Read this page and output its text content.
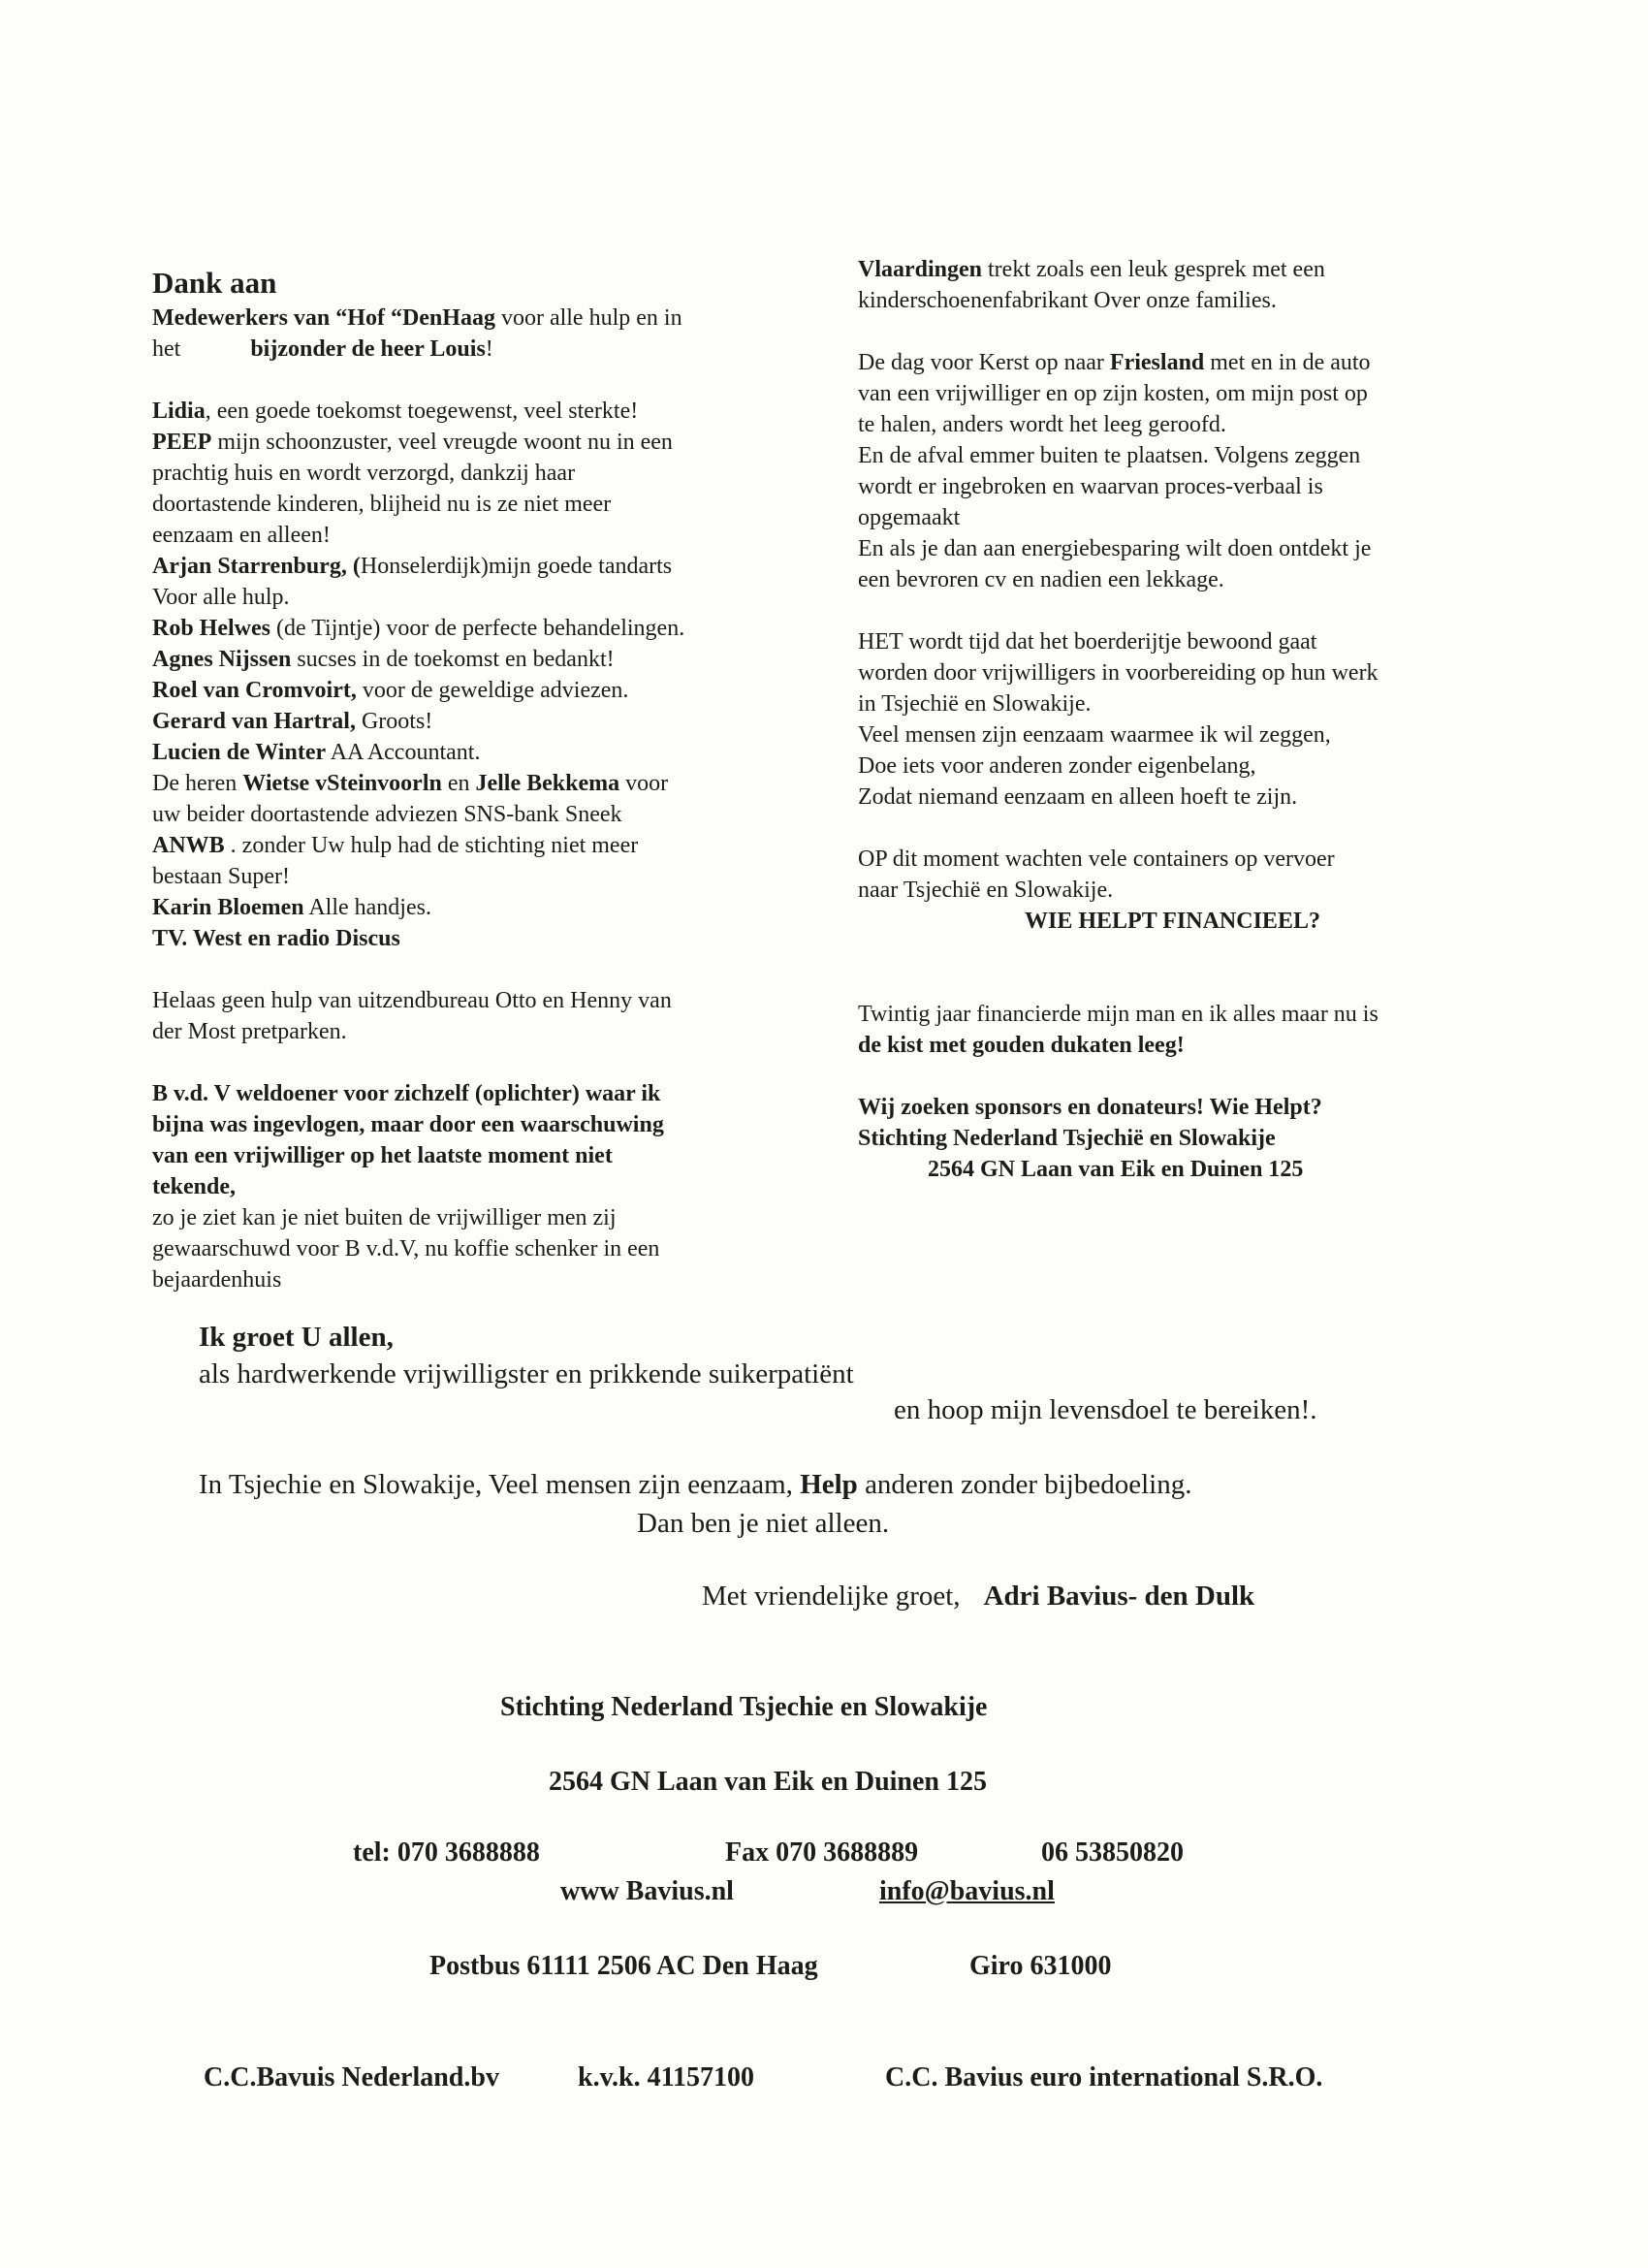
Dank aan
Medewerkers van “Hof “DenHaag voor alle hulp en in
het	bijzonder de heer Louis!
Lidia, een goede toekomst toegewenst, veel sterkte!
PEEP mijn schoonzuster, veel vreugde woont nu in een
prachtig huis en wordt verzorgd, dankzij haar
doortastende kinderen, blijheid nu is ze niet meer
eenzaam en alleen!
Arjan Starrenburg, (Honselerdijk)mijn goede tandarts
Voor alle hulp.
Rob Helwes (de Tijntje) voor de perfecte behandelingen.
Agnes Nijssen sucses in de toekomst en bedankt!
Roel van Cromvoirt, voor de geweldige adviezen.
Gerard van Hartral, Groots!
Lucien de Winter AA Accountant.
De heren Wietse vSteinvoorln en Jelle Bekkema voor
uw beider doortastende adviezen SNS-bank Sneek
ANWB . zonder Uw hulp had de stichting niet meer
bestaan Super!
Karin Bloemen Alle handjes.
TV. West en radio Discus
Helaas geen hulp van uitzendbureau Otto en Henny van
der Most pretparken.
B v.d. V weldoener voor zichzelf (oplichter) waar ik
bijna was ingevlogen, maar door een waarschuwing
van een vrijwilliger op het laatste moment niet
tekende,
zo je ziet kan je niet buiten de vrijwilliger men zij
gewaarschuwd voor B v.d.V, nu koffie schenker in een
bejaardenhuis
Vlaardingen trekt zoals een leuk gesprek met een
kinderschoenenfabrikant Over onze families.
De dag voor Kerst op naar Friesland met en in de auto
van een vrijwilliger en op zijn kosten, om mijn post op
te halen, anders wordt het leeg geroofd.
En de afval emmer buiten te plaatsen. Volgens zeggen
wordt er ingebroken en waarvan proces-verbaal is
opgemaakt
En als je dan aan energiebesparing wilt doen ontdekt je
een bevroren cv en nadien een lekkage.
HET wordt tijd dat het boerderijtje bewoond gaat
worden door vrijwilligers in voorbereiding op hun werk
in Tsjechië en Slowakije.
Veel mensen zijn eenzaam waarmee ik wil zeggen,
Doe iets voor anderen zonder eigenbelang,
Zodat niemand eenzaam en alleen hoeft te zijn.
OP dit moment wachten vele containers op vervoer
naar Tsjechië en Slowakije.
WIE HELPT FINANCIEEL?
Twintig jaar financierde mijn man en ik alles maar nu is
de kist met gouden dukaten leeg!
Wij zoeken sponsors en donateurs! Wie Helpt?
Stichting Nederland Tsjechië en Slowakije
2564 GN Laan van Eik en Duinen 125
Ik groet U allen,
als hardwerkende vrijwilligster en prikkende suikerpatiënt
en hoop mijn levensdoel te bereiken!.
In Tsjechie en Slowakije, Veel mensen zijn eenzaam, Help anderen zonder bijbedoeling.
Dan ben je niet alleen.
Met vriendelijke groet, Adri Bavius- den Dulk
Stichting Nederland Tsjechie en Slowakije
2564 GN Laan van Eik en Duinen 125
tel: 070 3688888	Fax 070 3688889	06 53850820
www Bavius.nl	info@bavius.nl
Postbus 61111 2506 AC Den Haag	Giro 631000
C.C.Bavuis Nederland.bv	k.v.k. 41157100	C.C. Bavius euro international S.R.O.
